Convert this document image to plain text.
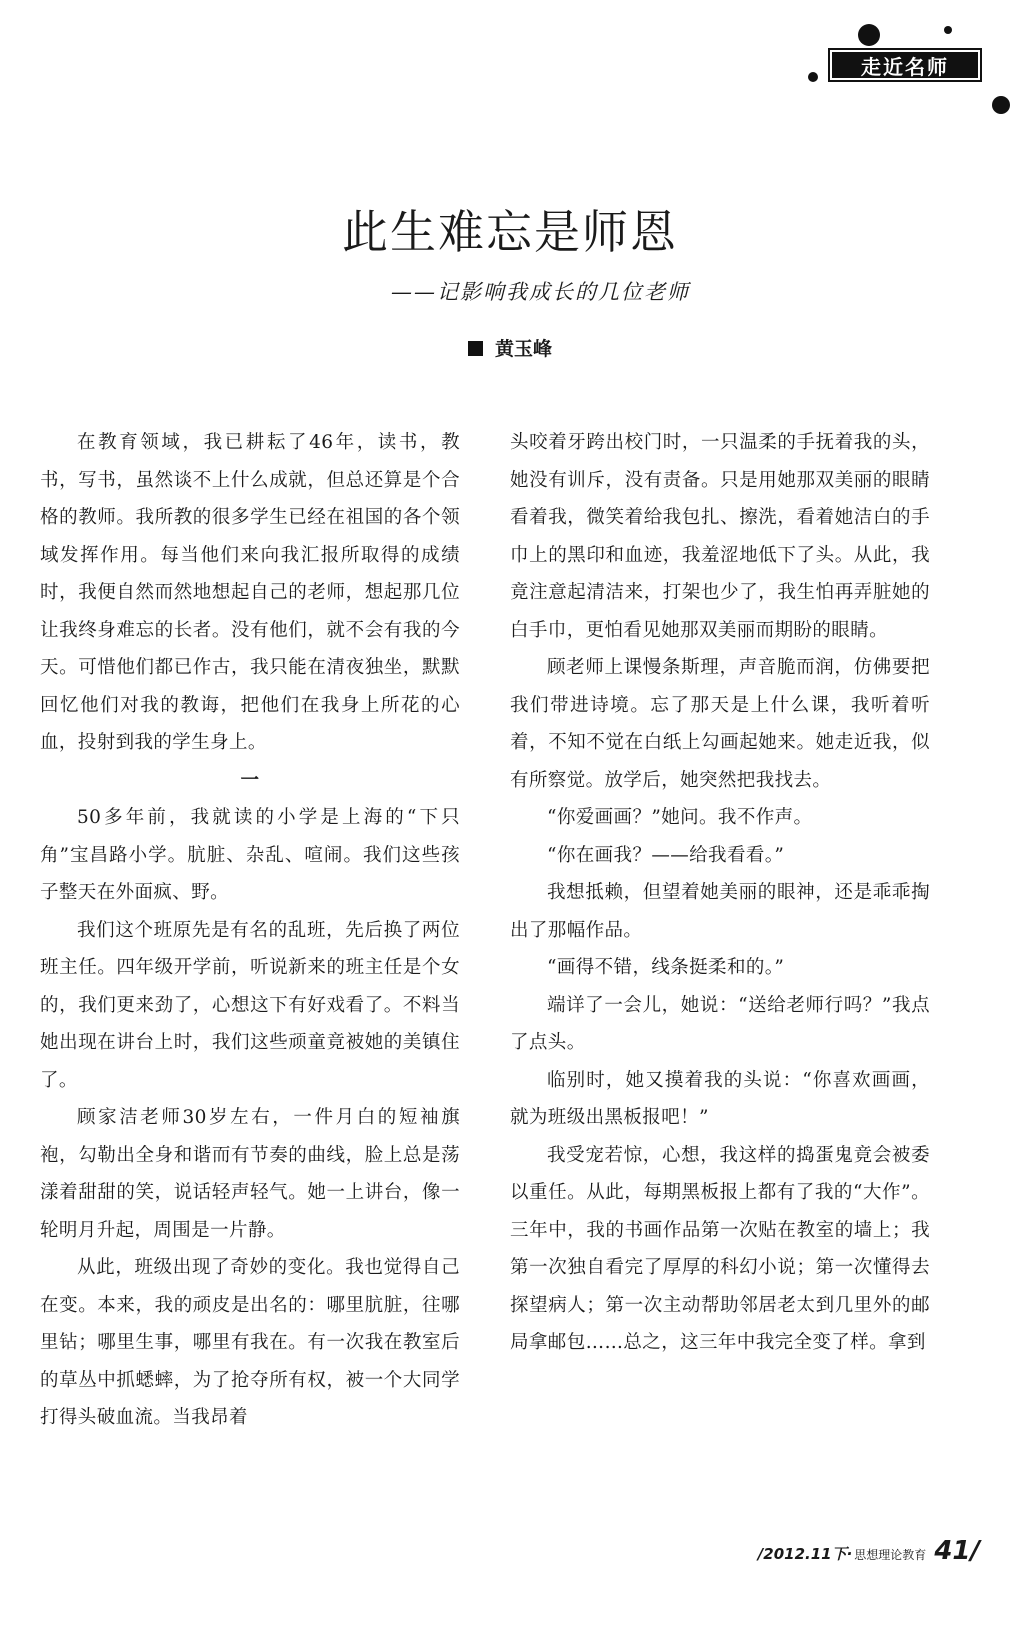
走近名师
此生难忘是师恩

——记影响我成长的几位老师

黄玉峰

在教育领域，我已耕耘了46年，读书，教书，写书，虽然谈不上什么成就，但总还算是个合格的教师。我所教的很多学生已经在祖国的各个领域发挥作用。每当他们来向我汇报所取得的成绩时，我便自然而然地想起自己的老师，想起那几位让我终身难忘的长者。没有他们，就不会有我的今天。可惜他们都已作古，我只能在清夜独坐，默默回忆他们对我的教诲，把他们在我身上所花的心血，投射到我的学生身上。

一

50多年前，我就读的小学是上海的“下只角”宝昌路小学。肮脏、杂乱、喧闹。我们这些孩子整天在外面疯、野。

我们这个班原先是有名的乱班，先后换了两位班主任。四年级开学前，听说新来的班主任是个女的，我们更来劲了，心想这下有好戏看了。不料当她出现在讲台上时，我们这些顽童竟被她的美镇住了。

顾家洁老师30岁左右，一件月白的短袖旗袍，勾勒出全身和谐而有节奏的曲线，脸上总是荡漾着甜甜的笑，说话轻声轻气。她一上讲台，像一轮明月升起，周围是一片静。

从此，班级出现了奇妙的变化。我也觉得自己在变。本来，我的顽皮是出名的：哪里肮脏，往哪里钻；哪里生事，哪里有我在。有一次我在教室后的草丛中抓蟋蟀，为了抢夺所有权，被一个大同学打得头破血流。当我昂着

头咬着牙跨出校门时，一只温柔的手抚着我的头，她没有训斥，没有责备。只是用她那双美丽的眼睛看着我，微笑着给我包扎、擦洗，看着她洁白的手巾上的黑印和血迹，我羞涩地低下了头。从此，我竟注意起清洁来，打架也少了，我生怕再弄脏她的白手巾，更怕看见她那双美丽而期盼的眼睛。

顾老师上课慢条斯理，声音脆而润，仿佛要把我们带进诗境。忘了那天是上什么课，我听着听着，不知不觉在白纸上勾画起她来。她走近我，似有所察觉。放学后，她突然把我找去。

“你爱画画？”她问。我不作声。

“你在画我？——给我看看。”

我想抵赖，但望着她美丽的眼神，还是乖乖掏出了那幅作品。

“画得不错，线条挺柔和的。”

端详了一会儿，她说：“送给老师行吗？”我点了点头。

临别时，她又摸着我的头说：“你喜欢画画，就为班级出黑板报吧！”

我受宠若惊，心想，我这样的捣蛋鬼竟会被委以重任。从此，每期黑板报上都有了我的“大作”。三年中，我的书画作品第一次贴在教室的墙上；我第一次独自看完了厚厚的科幻小说；第一次懂得去探望病人；第一次主动帮助邻居老太到几里外的邮局拿邮包……总之，这三年中我完全变了样。拿到

/2012.11下· 思想理论教育 41/
